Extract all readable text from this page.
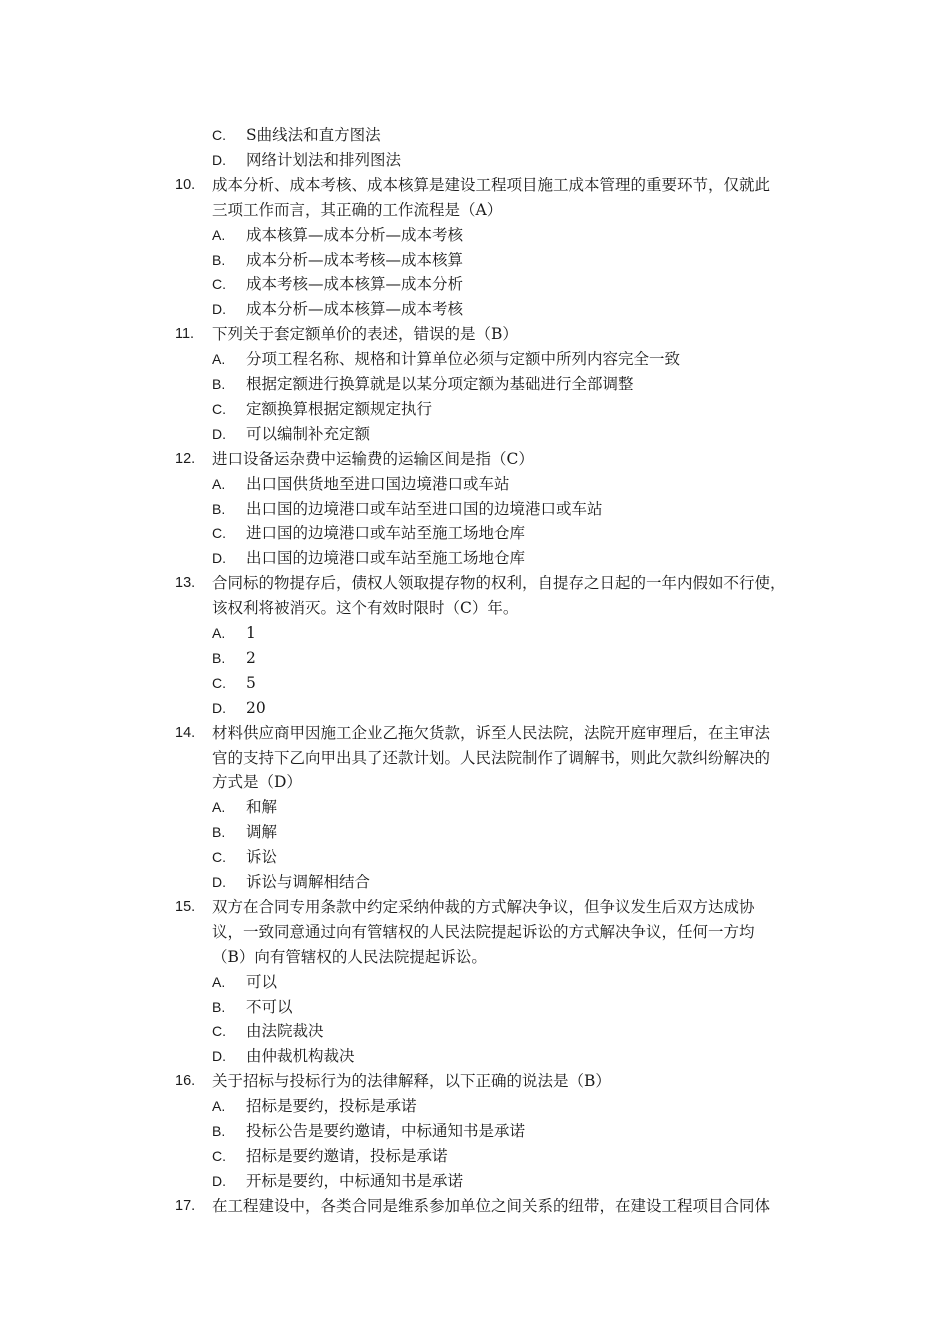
C. S曲线法和直方图法
D. 网络计划法和排列图法
10.	成本分析、成本考核、成本核算是建设工程项目施工成本管理的重要环节，仅就此
三项工作而言，其正确的工作流程是（A）
A. 成本核算—成本分析—成本考核
B. 成本分析—成本考核—成本核算
C. 成本考核—成本核算—成本分析
D. 成本分析—成本核算—成本考核
11.	下列关于套定额单价的表述，错误的是（B）
A. 分项工程名称、规格和计算单位必须与定额中所列内容完全一致
B. 根据定额进行换算就是以某分项定额为基础进行全部调整
C. 定额换算根据定额规定执行
D. 可以编制补充定额
12.	进口设备运杂费中运输费的运输区间是指（C）
A. 出口国供货地至进口国边境港口或车站
B. 出口国的边境港口或车站至进口国的边境港口或车站
C. 进口国的边境港口或车站至施工场地仓库
D. 出口国的边境港口或车站至施工场地仓库
13.	合同标的物提存后，债权人领取提存物的权利，自提存之日起的一年内假如不行使，
该权利将被消灭。这个有效时限时（C）年。
A. 1
B. 2
C. 5
D. 20
14.	材料供应商甲因施工企业乙拖欠货款，诉至人民法院，法院开庭审理后，在主审法
官的支持下乙向甲出具了还款计划。人民法院制作了调解书，则此欠款纠纷解决的
方式是（D）
A. 和解
B. 调解
C. 诉讼
D. 诉讼与调解相结合
15.	双方在合同专用条款中约定采纳仲裁的方式解决争议，但争议发生后双方达成协
议，一致同意通过向有管辖权的人民法院提起诉讼的方式解决争议，任何一方均
（B）向有管辖权的人民法院提起诉讼。
A. 可以
B. 不可以
C. 由法院裁决
D. 由仲裁机构裁决
16.	关于招标与投标行为的法律解释，以下正确的说法是（B）
A. 招标是要约，投标是承诺
B. 投标公告是要约邀请，中标通知书是承诺
C. 招标是要约邀请，投标是承诺
D. 开标是要约，中标通知书是承诺
17.	在工程建设中，各类合同是维系参加单位之间关系的纽带，在建设工程项目合同体
